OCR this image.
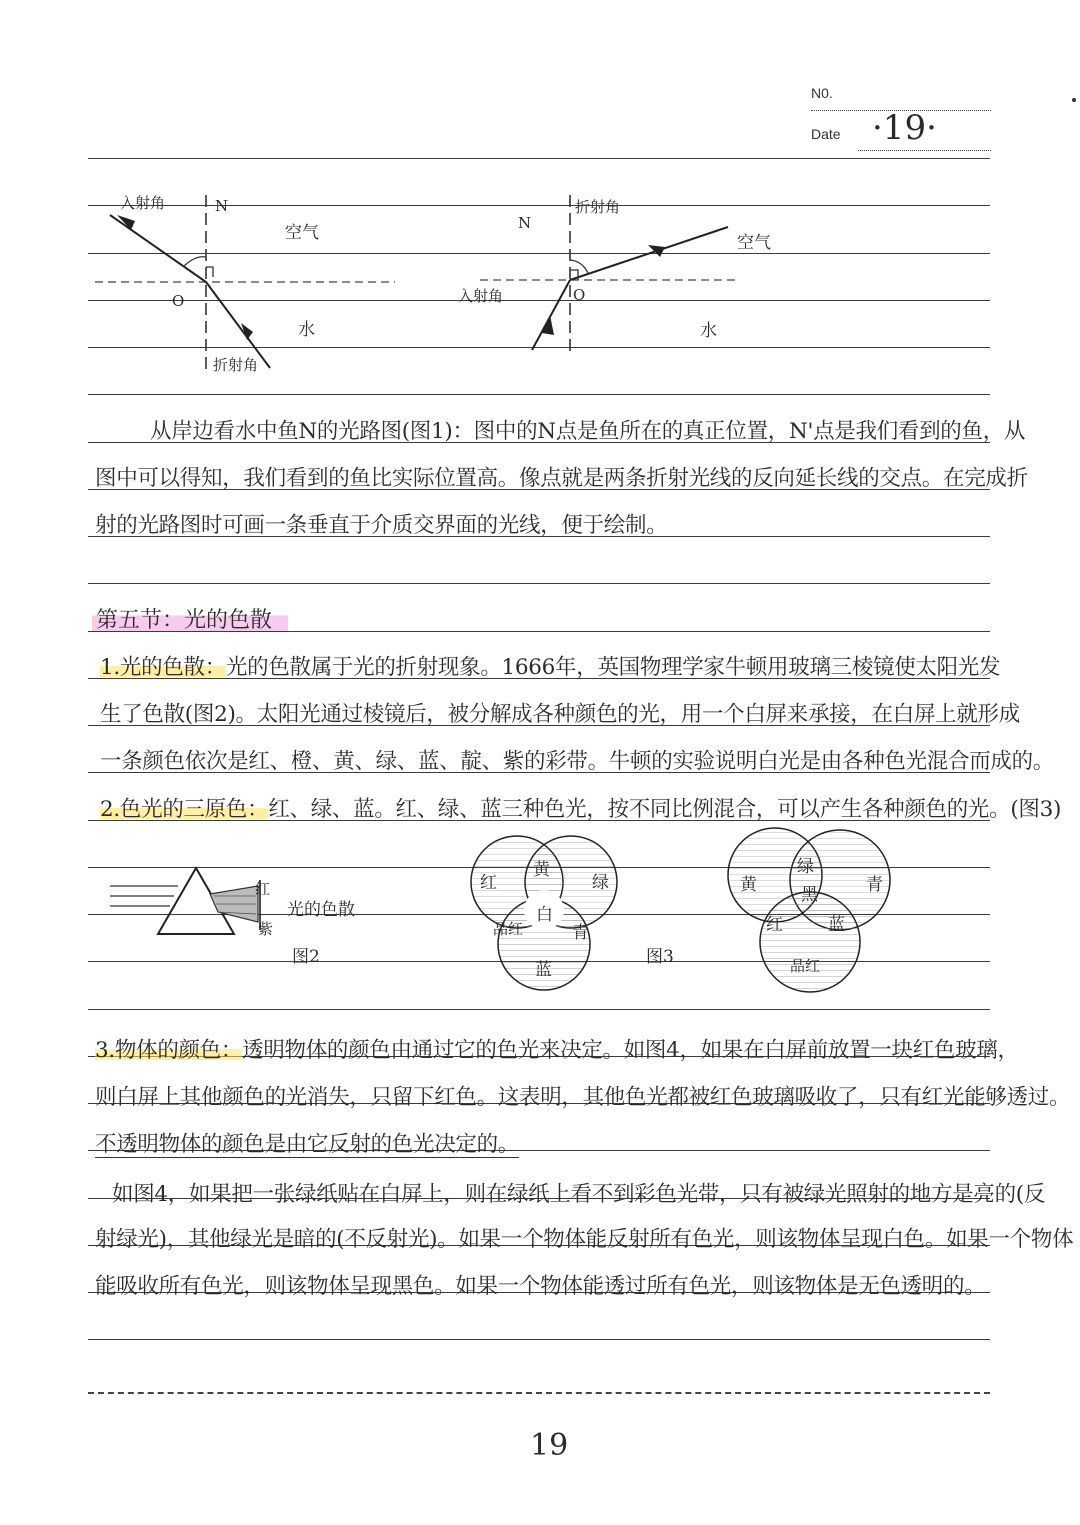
N0.
Date ·19·
入射角	N
空气
O
水
折射角
N
折射角
空气
入射角	O
水
从岸边看水中鱼N的光路图(图1)：图中的N点是鱼所在的真正位置，N'点是我们看到的鱼，从
图中可以得知，我们看到的鱼比实际位置高。像点就是两条折射光线的反向延长线的交点。在完成折
射的光路图时可画一条垂直于介质交界面的光线，便于绘制。
第五节：光的色散
1.光的色散：光的色散属于光的折射现象。1666年，英国物理学家牛顿用玻璃三棱镜使太阳光发
生了色散(图2)。太阳光通过棱镜后，被分解成各种颜色的光，用一个白屏来承接，在白屏上就形成
一条颜色依次是红、橙、黄、绿、蓝、靛、紫的彩带。牛顿的实验说明白光是由各种色光混合而成的。
2.色光的三原色：红、绿、蓝。红、绿、蓝三种色光，按不同比例混合，可以产生各种颜色的光。(图3)
红
紫
光的色散
图2
红
黄
绿
白
品红	青
蓝
图3
黄
绿
青
黑
红	蓝
品红
3.物体的颜色：透明物体的颜色由通过它的色光来决定。如图4，如果在白屏前放置一块红色玻璃，
则白屏上其他颜色的光消失，只留下红色。这表明，其他色光都被红色玻璃吸收了，只有红光能够透过。
不透明物体的颜色是由它反射的色光决定的。
如图4，如果把一张绿纸贴在白屏上，则在绿纸上看不到彩色光带，只有被绿光照射的地方是亮的(反
射绿光)，其他绿光是暗的(不反射光)。如果一个物体能反射所有色光，则该物体呈现白色。如果一个物体
能吸收所有色光，则该物体呈现黑色。如果一个物体能透过所有色光，则该物体是无色透明的。
19
